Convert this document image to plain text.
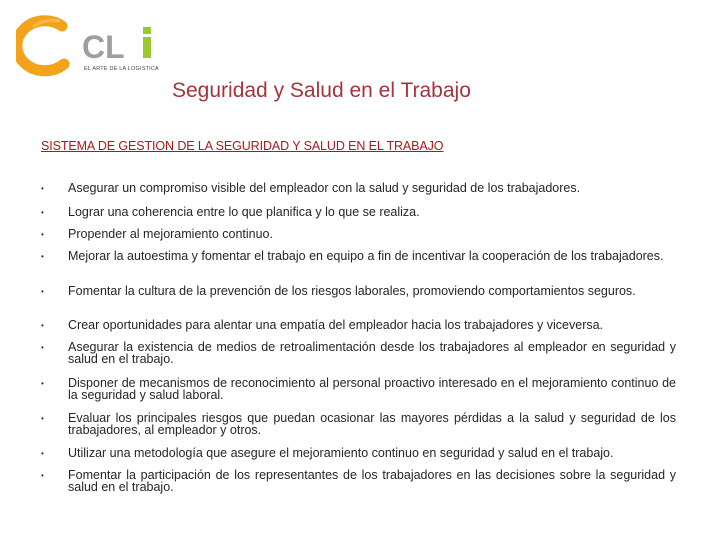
CL
EL ARTE DE LA LOGISTICA
Seguridad y Salud en el Trabajo
SISTEMA DE GESTION DE LA SEGURIDAD Y SALUD EN EL TRABAJO
• Asegurar un compromiso visible del empleador con la salud y seguridad de los trabajadores.
• Lograr una coherencia entre lo que planifica y lo que se realiza.
• Propender al mejoramiento continuo.
• Mejorar la autoestima y fomentar el trabajo en equipo a fin de incentivar la cooperación de los trabajadores.
• Fomentar la cultura de la prevención de los riesgos laborales, promoviendo comportamientos seguros.
• Crear oportunidades para alentar una empatía del empleador hacia los trabajadores y viceversa.
• Asegurar la existencia de medios de retroalimentación desde los trabajadores al empleador en seguridad y salud en el trabajo.
• Disponer de mecanismos de reconocimiento al personal proactivo interesado en el mejoramiento continuo de la seguridad y salud laboral.
• Evaluar los principales riesgos que puedan ocasionar las mayores pérdidas a la salud y seguridad de los trabajadores, al empleador y otros.
• Utilizar una metodología que asegure el mejoramiento continuo en seguridad y salud en el trabajo.
• Fomentar la participación de los representantes de los trabajadores en las decisiones sobre la seguridad y salud en el trabajo.
